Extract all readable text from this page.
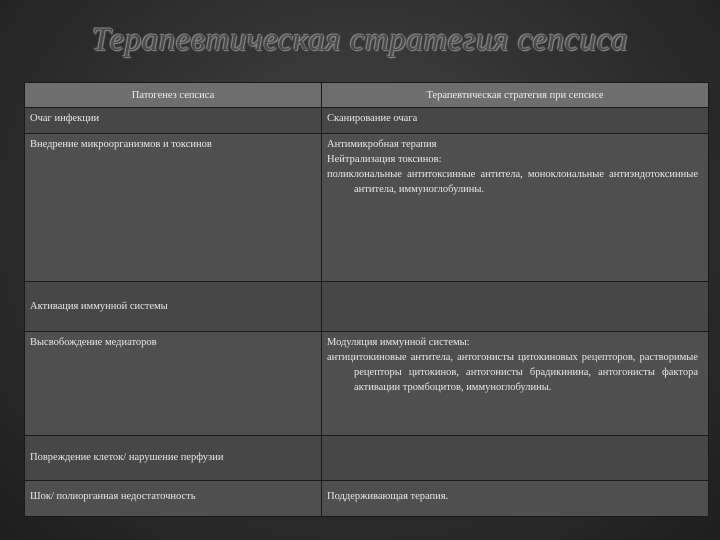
Терапевтическая стратегия сепсиса
Патогенез сепсиса	Терапевтическая стратегия при сепсисе

Очаг инфекции	Сканирование очага

Внедрение микроорганизмов и токсинов	Антимикробная терапия
Нейтрализация токсинов:
поликлональные антитоксинные антитела, моноклональные антиэндотоксинные антитела, иммуноглобулины.

Активация иммунной системы	

Высвобождение медиаторов	Модуляция иммунной системы:
антицитокиновые антитела, антогонисты цитокиновых рецепторов, растворимые рецепторы цитокинов, антогонисты брадикинина, антогонисты фактора активации тромбоцитов, иммуноглобулины.

Повреждение клеток/ нарушение перфузии	

Шок/ полиорганная недостаточность	Поддерживающая терапия.
